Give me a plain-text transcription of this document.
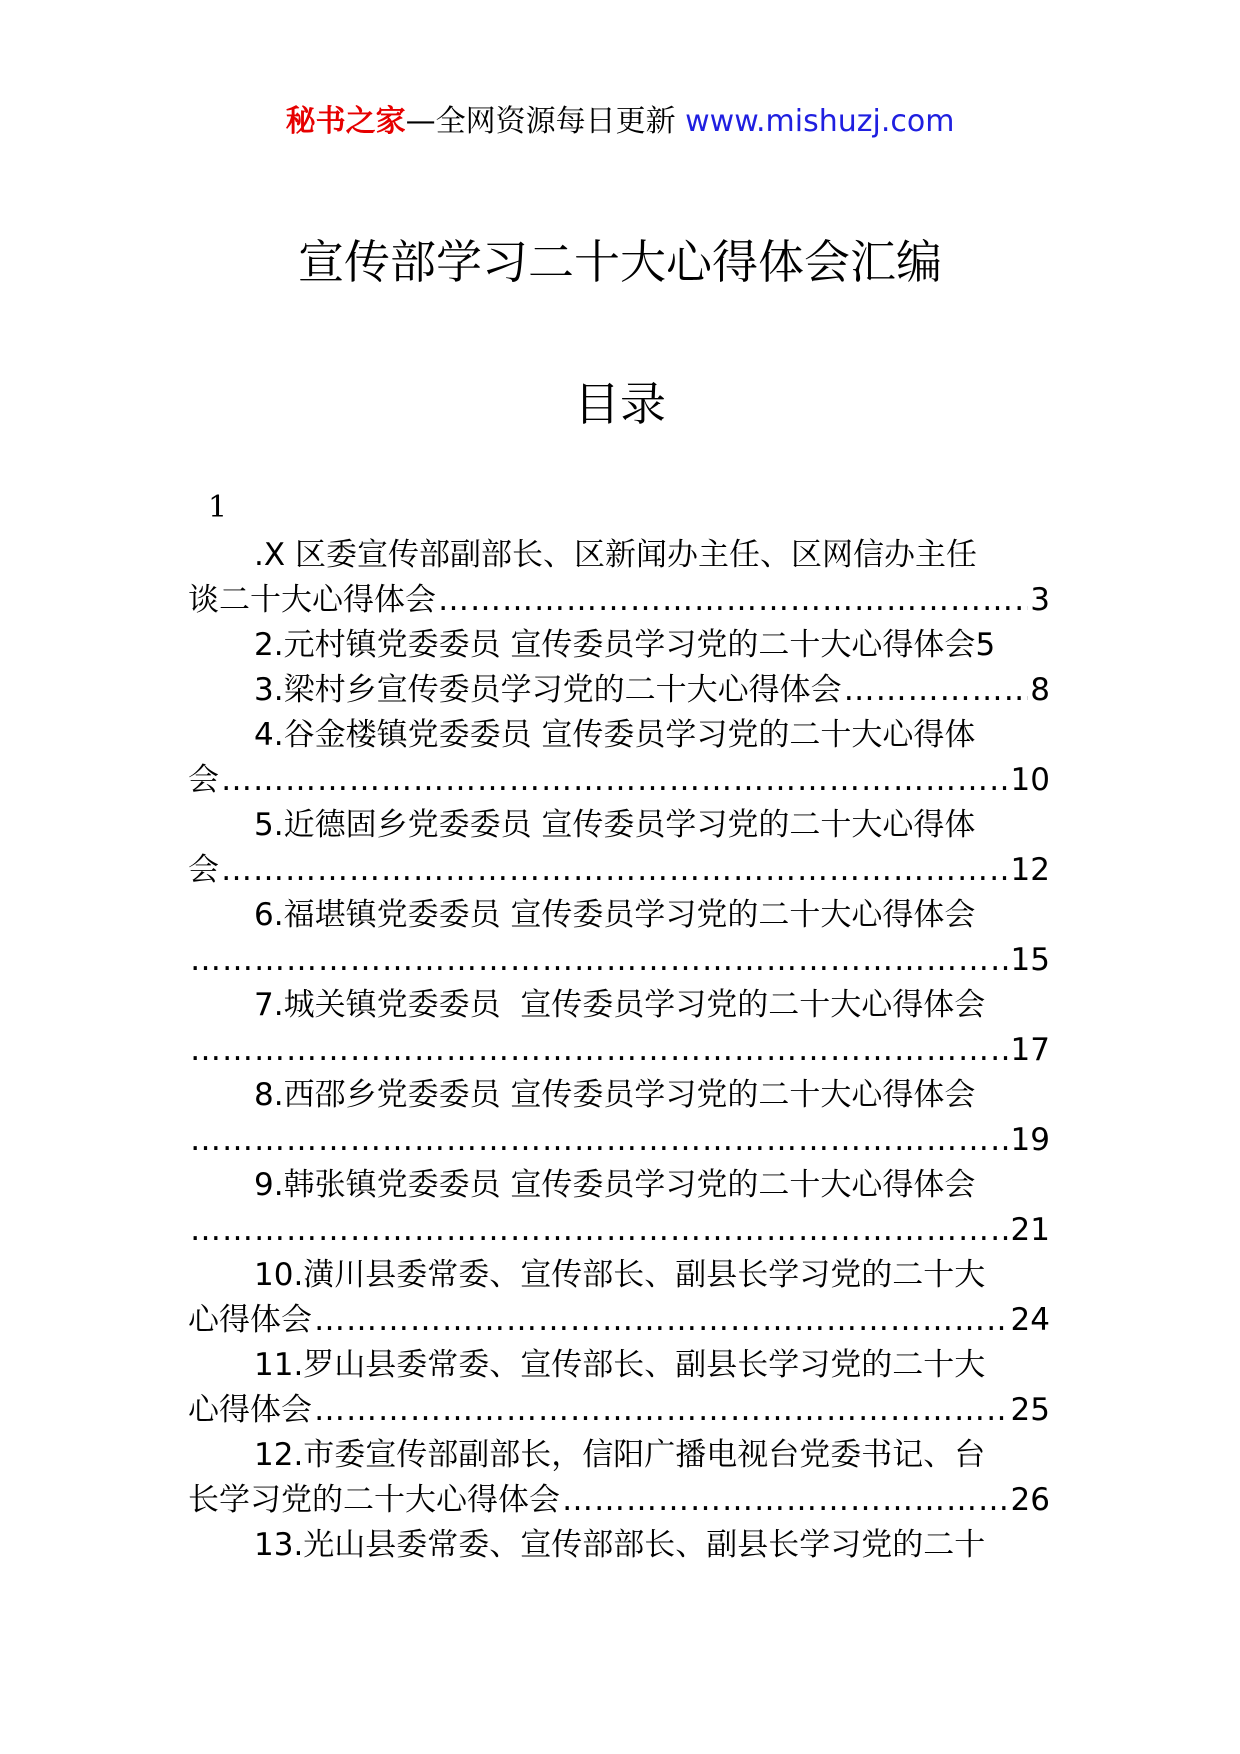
秘书之家—全网资源每日更新 www.mishuzj.com
宣传部学习二十大心得体会汇编
目录
1
.X 区委宣传部副部长、区新闻办主任、区网信办主任
谈二十大心得体会 …………………………………………………………………………………………………………………………………………………………	3
2.元村镇党委委员 宣传委员学习党的二十大心得体会 5
3.梁村乡宣传委员学习党的二十大心得体会 …………………………………………………………………………………………………………………………………………………………	8
4.谷金楼镇党委委员 宣传委员学习党的二十大心得体
会 …………………………………………………………………………………………………………………………………………………………	10
5.近德固乡党委委员 宣传委员学习党的二十大心得体
会 …………………………………………………………………………………………………………………………………………………………	12
6.福堪镇党委委员 宣传委员学习党的二十大心得体会
…………………………………………………………………………………………………………………………………………………………
15
7.城关镇党委委员  宣传委员学习党的二十大心得体会
…………………………………………………………………………………………………………………………………………………………
17
8.西邵乡党委委员 宣传委员学习党的二十大心得体会
…………………………………………………………………………………………………………………………………………………………
19
9.韩张镇党委委员 宣传委员学习党的二十大心得体会
…………………………………………………………………………………………………………………………………………………………
21
10.潢川县委常委、宣传部长、副县长学习党的二十大
心得体会 …………………………………………………………………………………………………………………………………………………………	24
11.罗山县委常委、宣传部长、副县长学习党的二十大
心得体会 …………………………………………………………………………………………………………………………………………………………	25
12.市委宣传部副部长，信阳广播电视台党委书记、台
长学习党的二十大心得体会 …………………………………………………………………………………………………………………………………………………………	26
13.光山县委常委、宣传部部长、副县长学习党的二十
